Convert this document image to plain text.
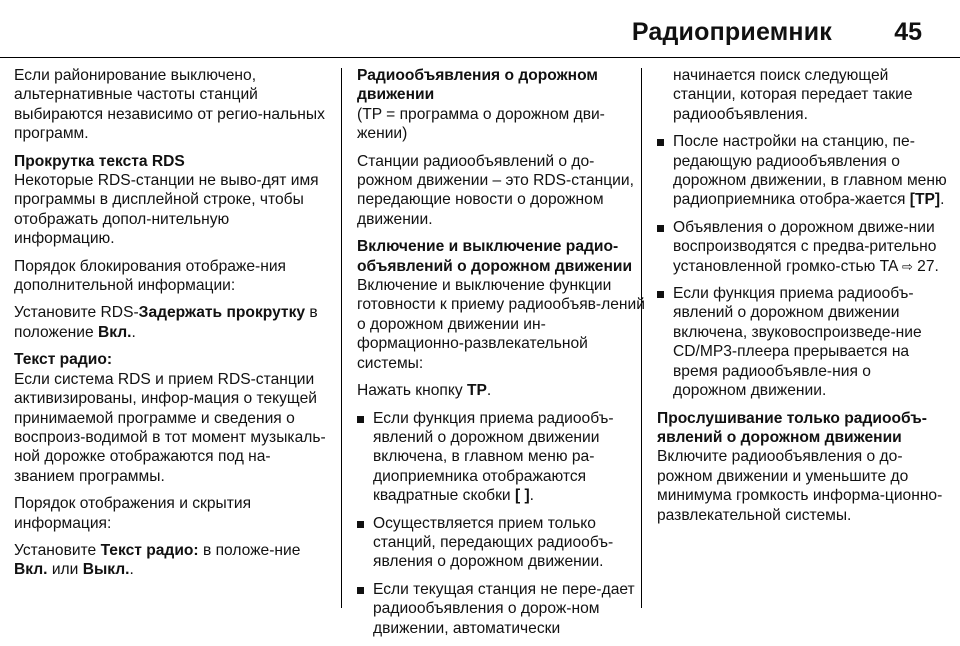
Радиоприемник 45

Если районирование выключено, альтернативные частоты станций выбираются независимо от регио-нальных программ.

Прокрутка текста RDS

Некоторые RDS-станции не выво-дят имя программы в дисплейной строке, чтобы отображать допол-нительную информацию.

Порядок блокирования отображе-ния дополнительной информации:

Установите RDS-Задержать прокрутку в положение Вкл..

Текст радио:

Если система RDS и прием RDS-станции активизированы, инфор-мация о текущей принимаемой программе и сведения о воспроиз-водимой в тот момент музыкаль-ной дорожке отображаются под на-званием программы.

Порядок отображения и скрытия информация:

Установите Текст радио: в положе-ние Вкл. или Выкл..

Радиообъявления о дорожном движении

(TP = программа о дорожном дви-жении)

Станции радиообъявлений о до-рожном движении – это RDS-станции, передающие новости о дорожном движении.

Включение и выключение радио-объявлений о дорожном движении

Включение и выключение функции готовности к приему радиообъяв-лений о дорожном движении ин-формационно-развлекательной системы:

Нажать кнопку TP.

Если функция приема радиообъ-явлений о дорожном движении включена, в главном меню ра-диоприемника отображаются квадратные скобки [ ].
Осуществляется прием только станций, передающих радиообъ-явления о дорожном движении.
Если текущая станция не пере-дает радиообъявления о дорож-ном движении, автоматически

начинается поиск следующей станции, которая передает такие радиообъявления.

После настройки на станцию, пе-редающую радиообъявления о дорожном движении, в главном меню радиоприемника отобра-жается [TP].
Объявления о дорожном движе-нии воспроизводятся с предва-рительно установленной громко-стью TA ⇨ 27.
Если функция приема радиообъ-явлений о дорожном движении включена, звуковоспроизведе-ние CD/MP3-плеера прерывается на время радиообъявле-ния о дорожном движении.
Прослушивание только радиообъ-явлений о дорожном движении

Включите радиообъявления о до-рожном движении и уменьшите до минимума громкость информа-ционно-развлекательной системы.
